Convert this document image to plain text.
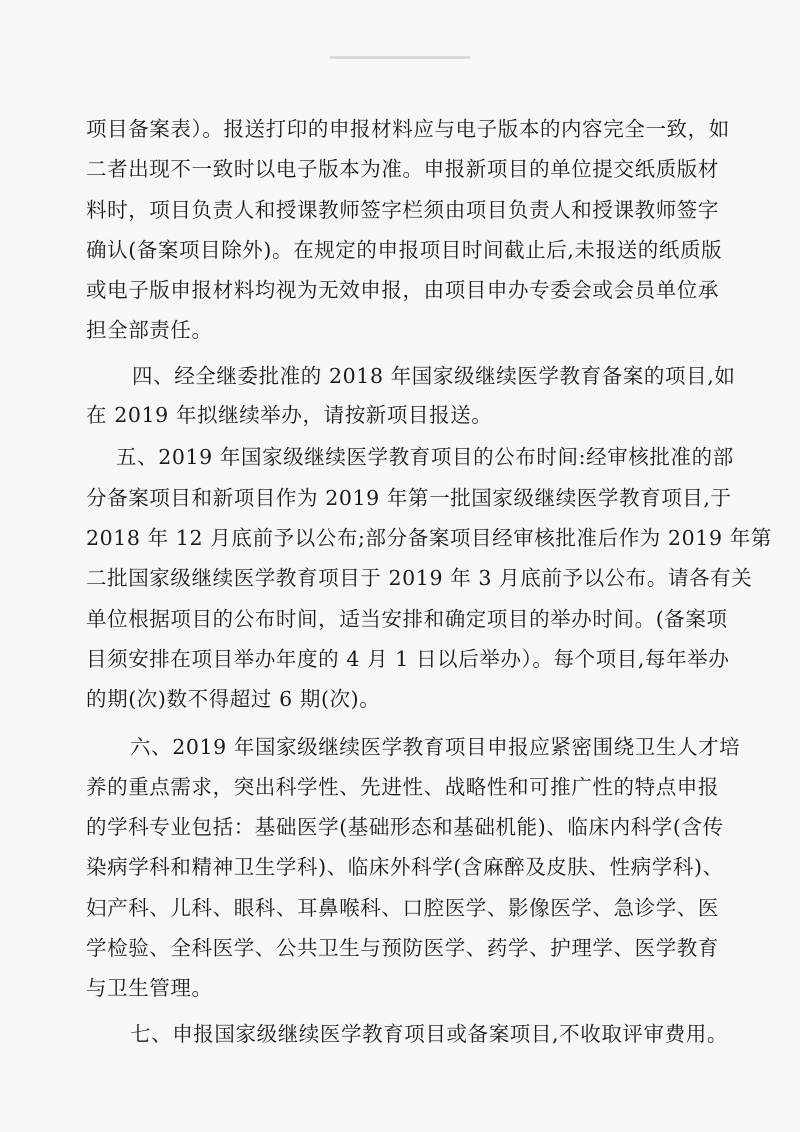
项目备案表）。报送打印的申报材料应与电子版本的内容完全一致，如
二者出现不一致时以电子版本为准。申报新项目的单位提交纸质版材
料时，项目负责人和授课教师签字栏须由项目负责人和授课教师签字
确认(备案项目除外)。在规定的申报项目时间截止后,未报送的纸质版
或电子版申报材料均视为无效申报，由项目申办专委会或会员单位承
担全部责任。
四、经全继委批准的 2018 年国家级继续医学教育备案的项目,如
在 2019 年拟继续举办，请按新项目报送。
五、2019 年国家级继续医学教育项目的公布时间:经审核批准的部
分备案项目和新项目作为 2019 年第一批国家级继续医学教育项目,于
2018 年 12 月底前予以公布;部分备案项目经审核批准后作为 2019 年第
二批国家级继续医学教育项目于 2019 年 3 月底前予以公布。请各有关
单位根据项目的公布时间，适当安排和确定项目的举办时间。(备案项
目须安排在项目举办年度的 4 月 1 日以后举办）。每个项目,每年举办
的期(次)数不得超过 6 期(次)。
六、2019 年国家级继续医学教育项目申报应紧密围绕卫生人才培
养的重点需求，突出科学性、先进性、战略性和可推广性的特点申报
的学科专业包括：基础医学(基础形态和基础机能)、临床内科学(含传
染病学科和精神卫生学科)、临床外科学(含麻醉及皮肤、性病学科)、
妇产科、儿科、眼科、耳鼻喉科、口腔医学、影像医学、急诊学、医
学检验、全科医学、公共卫生与预防医学、药学、护理学、医学教育
与卫生管理。
七、申报国家级继续医学教育项目或备案项目,不收取评审费用。
